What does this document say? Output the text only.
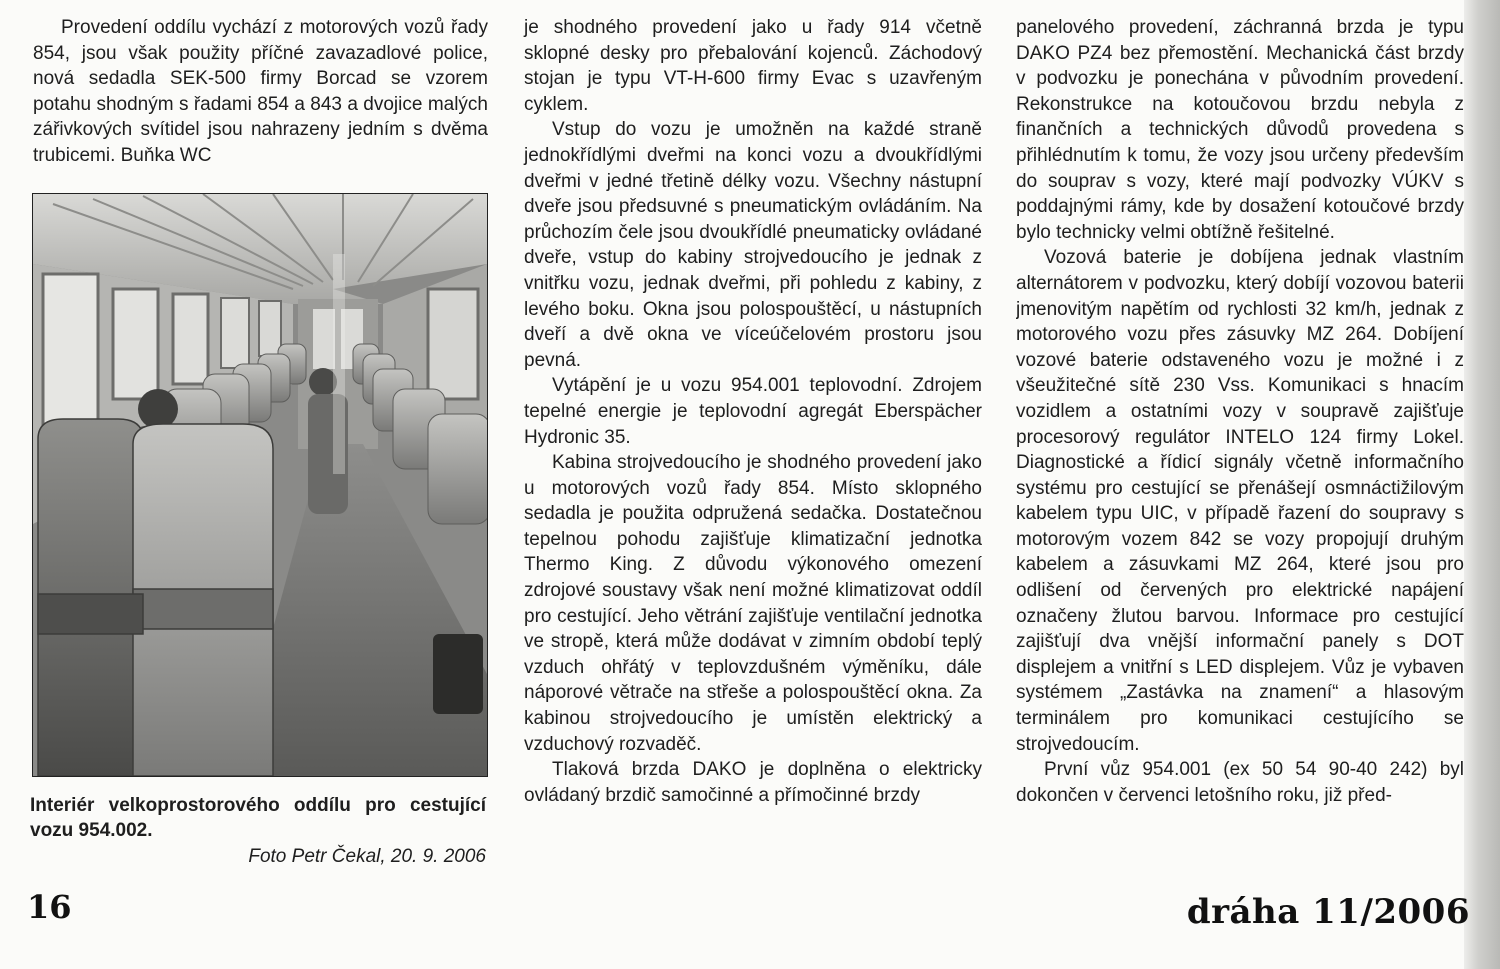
Provedení oddílu vychází z motorových vozů řady 854, jsou však použity příčné zavazadlové police, nová sedadla SEK-500 firmy Borcad se vzorem potahu shodným s řadami 854 a 843 a dvojice malých zářivkových svítidel jsou nahrazeny jedním s dvěma trubicemi. Buňka WC

Interiér velkoprostorového oddílu pro cestující vozu 954.002.
Foto Petr Čekal, 20. 9. 2006

je shodného provedení jako u řady 914 včetně sklopné desky pro přebalování kojenců. Záchodový stojan je typu VT-H-600 firmy Evac s uzavřeným cyklem.

Vstup do vozu je umožněn na každé straně jednokřídlými dveřmi na konci vozu a dvoukřídlými dveřmi v jedné třetině délky vozu. Všechny nástupní dveře jsou předsuvné s pneumatickým ovládáním. Na průchozím čele jsou dvoukřídlé pneumaticky ovládané dveře, vstup do kabiny strojvedoucího je jednak z vnitřku vozu, jednak dveřmi, při pohledu z kabiny, z levého boku. Okna jsou polospouštěcí, u nástupních dveří a dvě okna ve víceúčelovém prostoru jsou pevná.

Vytápění je u vozu 954.001 teplovodní. Zdrojem tepelné energie je teplovodní agregát Eberspächer Hydronic 35.

Kabina strojvedoucího je shodného provedení jako u motorových vozů řady 854. Místo sklopného sedadla je použita odpružená sedačka. Dostatečnou tepelnou pohodu zajišťuje klimatizační jednotka Thermo King. Z důvodu výkonového omezení zdrojové soustavy však není možné klimatizovat oddíl pro cestující. Jeho větrání zajišťuje ventilační jednotka ve stropě, která může dodávat v zimním období teplý vzduch ohřátý v teplovzdušném výměníku, dále náporové větrače na střeše a polospouštěcí okna. Za kabinou strojvedoucího je umístěn elektrický a vzduchový rozvaděč.

Tlaková brzda DAKO je doplněna o elektricky ovládaný brzdič samočinné a přímočinné brzdy

panelového provedení, záchranná brzda je typu DAKO PZ4 bez přemostění. Mechanická část brzdy v podvozku je ponechána v původním provedení. Rekonstrukce na kotoučovou brzdu nebyla z finančních a technických důvodů provedena s přihlédnutím k tomu, že vozy jsou určeny především do souprav s vozy, které mají podvozky VÚKV s poddajnými rámy, kde by dosažení kotoučové brzdy bylo technicky velmi obtížně řešitelné.

Vozová baterie je dobíjena jednak vlastním alternátorem v podvozku, který dobíjí vozovou baterii jmenovitým napětím od rychlosti 32 km/h, jednak z motorového vozu přes zásuvky MZ 264. Dobíjení vozové baterie odstaveného vozu je možné i z všeužitečné sítě 230 Vss. Komunikaci s hnacím vozidlem a ostatními vozy v soupravě zajišťuje procesorový regulátor INTELO 124 firmy Lokel. Diagnostické a řídicí signály včetně informačního systému pro cestující se přenášejí osmnáctižilovým kabelem typu UIC, v případě řazení do soupravy s motorovým vozem 842 se vozy propojují druhým kabelem a zásuvkami MZ 264, které jsou pro odlišení od červených pro elektrické napájení označeny žlutou barvou. Informace pro cestující zajišťují dva vnější informační panely s DOT displejem a vnitřní s LED displejem. Vůz je vybaven systémem „Zastávka na znamení“ a hlasovým terminálem pro komunikaci cestujícího se strojvedoucím.

První vůz 954.001 (ex 50 54 90-40 242) byl dokončen v červenci letošního roku, již před-

16	dráha 11/2006
